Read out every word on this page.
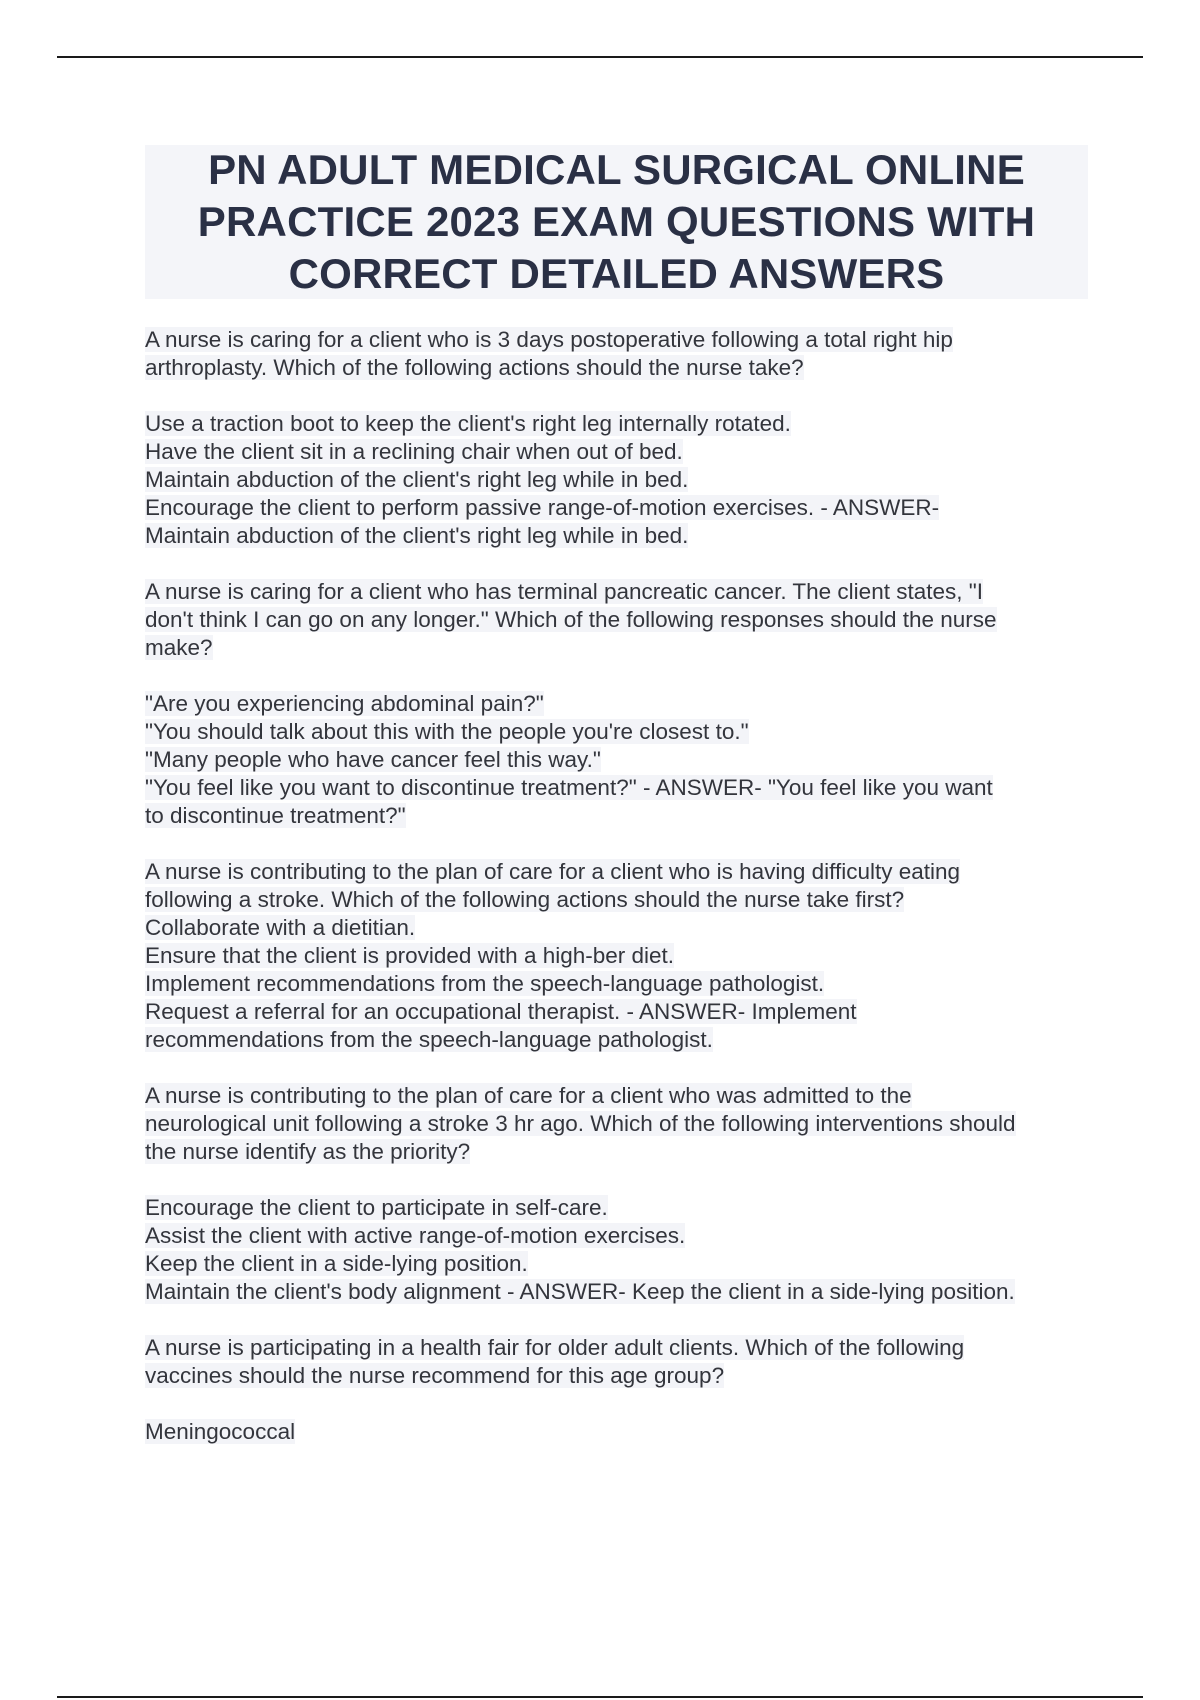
PN ADULT MEDICAL SURGICAL ONLINE
PRACTICE 2023 EXAM QUESTIONS WITH
CORRECT DETAILED ANSWERS
A nurse is caring for a client who is 3 days postoperative following a total right hip
arthroplasty. Which of the following actions should the nurse take?
Use a traction boot to keep the client's right leg internally rotated.
Have the client sit in a reclining chair when out of bed.
Maintain abduction of the client's right leg while in bed.
Encourage the client to perform passive range-of-motion exercises. - ANSWER-
Maintain abduction of the client's right leg while in bed.
A nurse is caring for a client who has terminal pancreatic cancer. The client states, "I
don't think I can go on any longer." Which of the following responses should the nurse
make?
"Are you experiencing abdominal pain?"
"You should talk about this with the people you're closest to."
"Many people who have cancer feel this way."
"You feel like you want to discontinue treatment?" - ANSWER- "You feel like you want
to discontinue treatment?"
A nurse is contributing to the plan of care for a client who is having difficulty eating
following a stroke. Which of the following actions should the nurse take first?
Collaborate with a dietitian.
Ensure that the client is provided with a high-ber diet.
Implement recommendations from the speech-language pathologist.
Request a referral for an occupational therapist. - ANSWER- Implement
recommendations from the speech-language pathologist.
A nurse is contributing to the plan of care for a client who was admitted to the
neurological unit following a stroke 3 hr ago. Which of the following interventions should
the nurse identify as the priority?
Encourage the client to participate in self-care.
Assist the client with active range-of-motion exercises.
Keep the client in a side-lying position.
Maintain the client's body alignment - ANSWER- Keep the client in a side-lying position.
A nurse is participating in a health fair for older adult clients. Which of the following
vaccines should the nurse recommend for this age group?
Meningococcal
